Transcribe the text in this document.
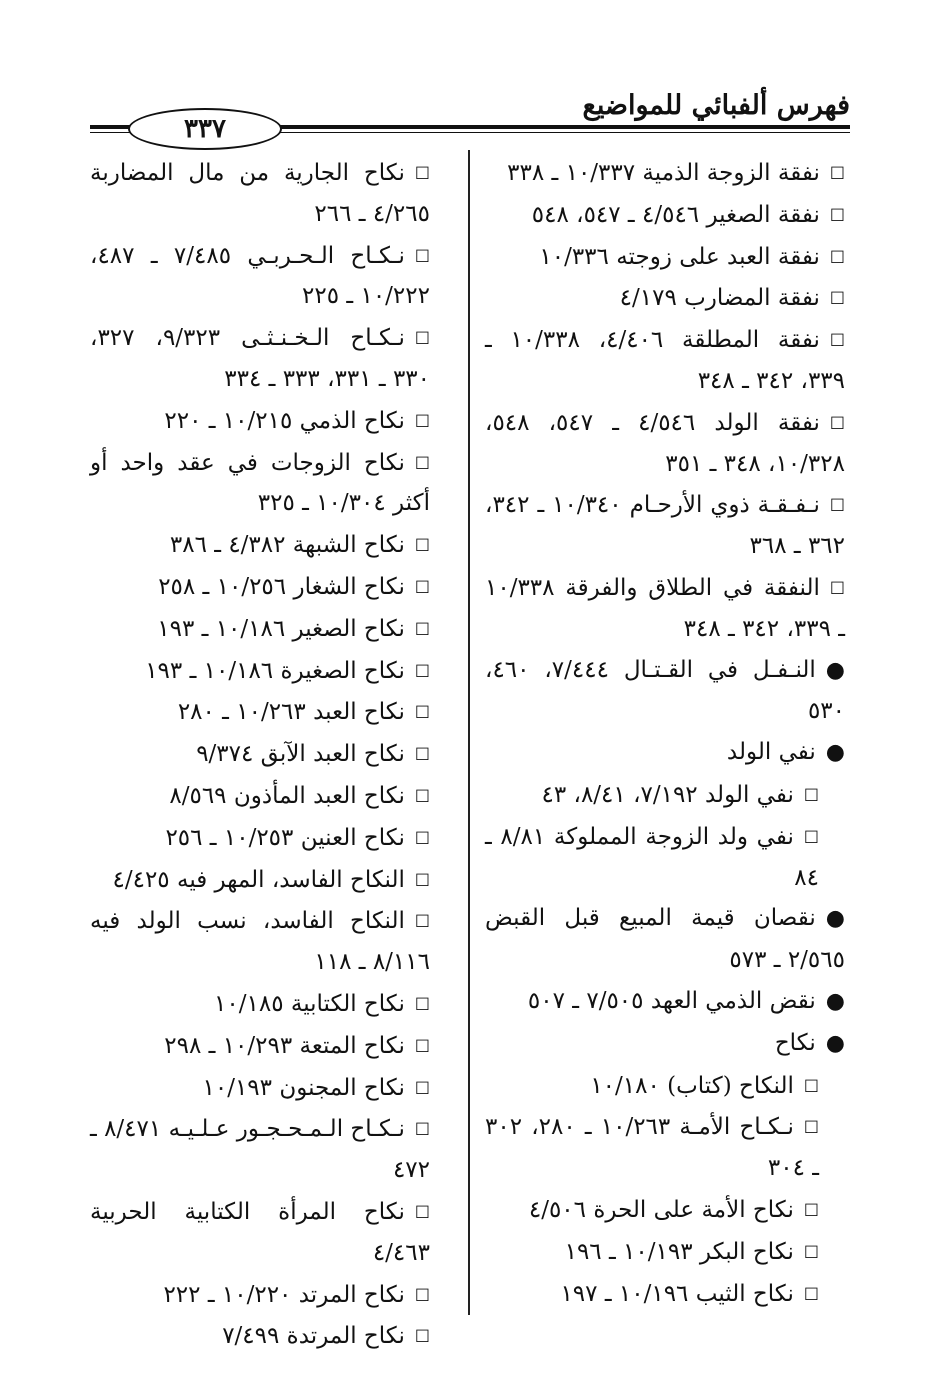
٣٣٧
فهرس ألفبائي للمواضيع

□نفقة الزوجة الذمية ١٠/٣٣٧ ـ ٣٣٨

□نفقة الصغير ٤/٥٤٦ ـ ٥٤٧، ٥٤٨

□نفقة العبد على زوجته ١٠/٣٣٦

□نفقة المضارب ٤/١٧٩

□نفقة المطلقة ٤/٤٠٦، ١٠/٣٣٨ ـ ٣٣٩، ٣٤٢ ـ ٣٤٨

□نفقة الولد ٤/٥٤٦ ـ ٥٤٧، ٥٤٨، ١٠/٣٢٨، ٣٤٨ ـ ٣٥١

□نـفـقـة ذوي الأرحـام ١٠/٣٤٠ ـ ٣٤٢، ٣٦٢ ـ ٣٦٨

□النفقة في الطلاق والفرقة ١٠/٣٣٨ ـ ٣٣٩، ٣٤٢ ـ ٣٤٨

●النـفـل في القـتـال ٧/٤٤٤، ٤٦٠، ٥٣٠

●نفي الولد

□نفي الولد ٧/١٩٢، ٨/٤١، ٤٣

□نفي ولد الزوجة المملوكة ٨/٨١ ـ ٨٤

●نقصان قيمة المبيع قبل القبض ٢/٥٦٥ ـ ٥٧٣

●نقض الذمي العهد ٧/٥٠٥ ـ ٥٠٧

●نكاح

□النكاح (كتاب) ١٠/١٨٠

□نـكـاح الأمـة ١٠/٢٦٣ ـ ٢٨٠، ٣٠٢ ـ ٣٠٤

□نكاح الأمة على الحرة ٤/٥٠٦

□نكاح البكر ١٠/١٩٣ ـ ١٩٦

□نكاح الثيب ١٠/١٩٦ ـ ١٩٧

□نكاح الجارية من مال المضاربة ٤/٢٦٥ ـ ٢٦٦

□نـكـاح الـحـربـي ٧/٤٨٥ ـ ٤٨٧، ١٠/٢٢٢ ـ ٢٢٥

□نـكـاح الـخـنـثـى ٩/٣٢٣، ٣٢٧، ٣٣٠ ـ ٣٣١، ٣٣٣ ـ ٣٣٤

□نكاح الذمي ١٠/٢١٥ ـ ٢٢٠

□نكاح الزوجات في عقد واحد أو أكثر ١٠/٣٠٤ ـ ٣٢٥

□نكاح الشبهة ٤/٣٨٢ ـ ٣٨٦

□نكاح الشغار ١٠/٢٥٦ ـ ٢٥٨

□نكاح الصغير ١٠/١٨٦ ـ ١٩٣

□نكاح الصغيرة ١٠/١٨٦ ـ ١٩٣

□نكاح العبد ١٠/٢٦٣ ـ ٢٨٠

□نكاح العبد الآبق ٩/٣٧٤

□نكاح العبد المأذون ٨/٥٦٩

□نكاح العنين ١٠/٢٥٣ ـ ٢٥٦

□النكاح الفاسد، المهر فيه ٤/٤٢٥

□النكاح الفاسد، نسب الولد فيه ٨/١١٦ ـ ١١٨

□نكاح الكتابية ١٠/١٨٥

□نكاح المتعة ١٠/٢٩٣ ـ ٢٩٨

□نكاح المجنون ١٠/١٩٣

□نـكـاح الـمـحـجـور عـلـيـه ٨/٤٧١ ـ ٤٧٢

□نكاح المرأة الكتابية الحربية ٤/٤٦٣

□نكاح المرتد ١٠/٢٢٠ ـ ٢٢٢

□نكاح المرتدة ٧/٤٩٩
